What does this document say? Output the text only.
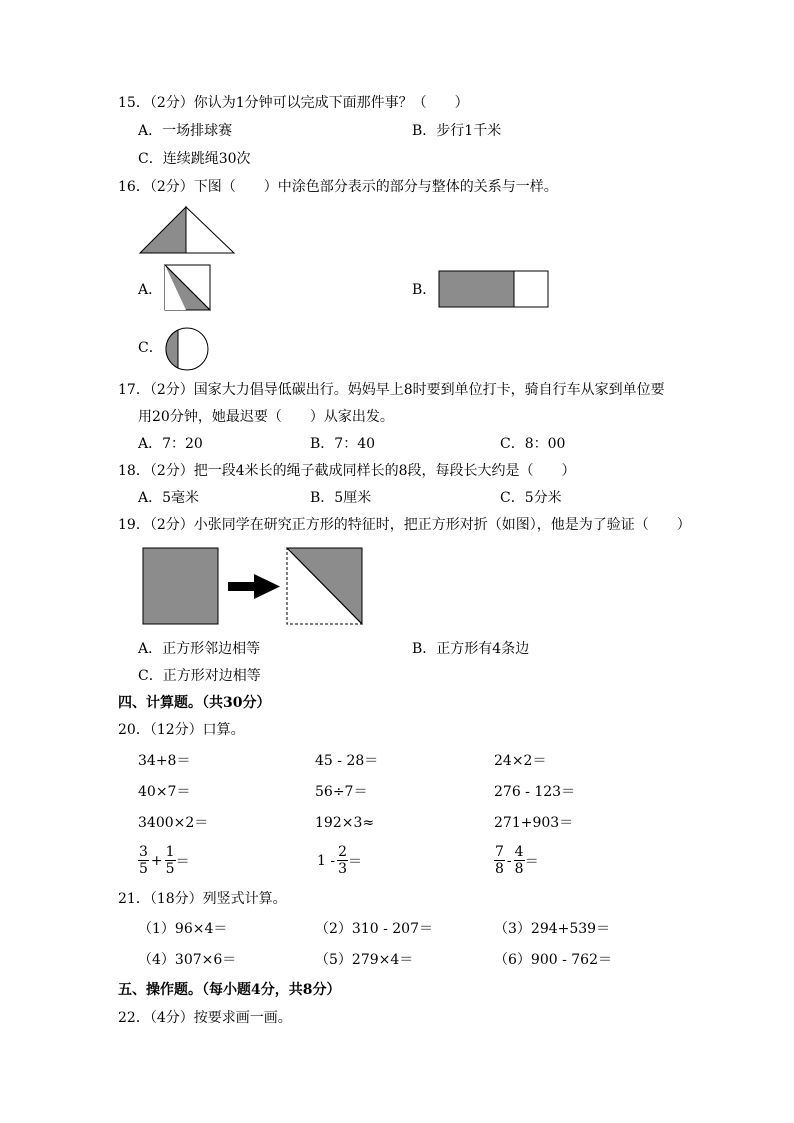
15．（2分）你认为1分钟可以完成下面那件事？（　　）
A．一场排球赛	B．步行1千米
C．连续跳绳30次
16．（2分）下图（　　）中涂色部分表示的部分与整体的关系与一样。
A．	B．
C．
17．（2分）国家大力倡导低碳出行。妈妈早上8时要到单位打卡，骑自行车从家到单位要
用20分钟，她最迟要（　　）从家出发。
A．7：20	B．7：40	C．8：00
18．（2分）把一段4米长的绳子截成同样长的8段，每段长大约是（　　）
A．5毫米	B．5厘米	C．5分米
19．（2分）小张同学在研究正方形的特征时，把正方形对折（如图），他是为了验证（　　）
A．正方形邻边相等	B．正方形有4条边
C．正方形对边相等
四、计算题。（共30分）
20．（12分）口算。
34+8＝	45 - 28＝	24×2＝
40×7＝	56÷7＝	276 - 123＝
3400×2＝	192×3≈	271+903＝
$\frac{3}{5} + \frac{1}{5}$ ＝	$1 - \frac{2}{3}$ ＝	$\frac{7}{8} - \frac{4}{8}$ ＝
21．（18分）列竖式计算。
（1）96×4＝	（2）310 - 207＝	（3）294+539＝
（4）307×6＝	（5）279×4＝	（6）900 - 762＝
五、操作题。（每小题4分，共8分）
22．（4分）按要求画一画。
